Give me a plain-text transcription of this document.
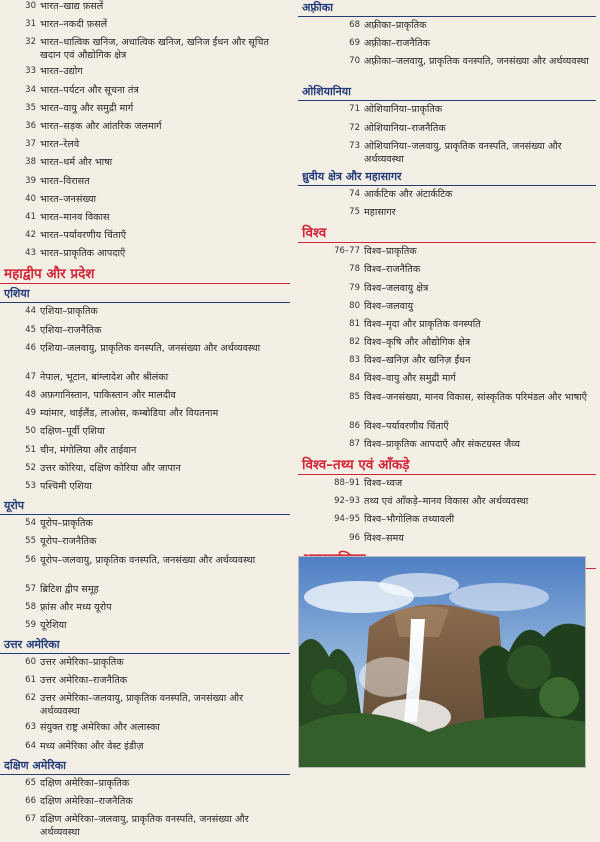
30 भारत–खाद्य फ़सलें
31 भारत–नकदी फ़सलें
32 भारत–धात्विक खनिज, अधात्विक खनिज, खनिज ईंधन और सूचित खदान एवं औद्योगिक क्षेत्र
33 भारत–उद्योग
34 भारत–पर्यटन और सूचना तंत्र
35 भारत–वायु और समुद्री मार्ग
36 भारत–सड़क और आंतरिक जलमार्ग
37 भारत–रेलवे
38 भारत–धर्म और भाषा
39 भारत–विरासत
40 भारत–जनसंख्या
41 भारत–मानव विकास
42 भारत–पर्यावरणीय चिंताएँ
43 भारत–प्राकृतिक आपदाएँ
महाद्वीप और प्रदेश
एशिया
44 एशिया–प्राकृतिक
45 एशिया–राजनैतिक
46 एशिया–जलवायु, प्राकृतिक वनस्पति, जनसंख्या और अर्थव्यवस्था
47 नेपाल, भूटान, बांग्लादेश और श्रीलंका
48 अफ़गानिस्तान, पाकिस्तान और मालदीव
49 म्यांमार, थाईलैंड, लाओस, कम्बोडिया और वियतनाम
50 दक्षिण–पूर्वी एशिया
51 चीन, मंगोलिया और ताईवान
52 उत्तर कोरिया, दक्षिण कोरिया और जापान
53 पश्चिमी एशिया
यूरोप
54 यूरोप–प्राकृतिक
55 यूरोप–राजनैतिक
56 यूरोप–जलवायु, प्राकृतिक वनस्पति, जनसंख्या और अर्थव्यवस्था
57 ब्रिटिश द्वीप समूह
58 फ़्रांस और मध्य यूरोप
59 यूरेशिया
उत्तर अमेरिका
60 उत्तर अमेरिका–प्राकृतिक
61 उत्तर अमेरिका–राजनैतिक
62 उत्तर अमेरिका–जलवायु, प्राकृतिक वनस्पति, जनसंख्या और अर्थव्यवस्था
63 संयुक्त राष्ट्र अमेरिका और अलास्का
64 मध्य अमेरिका और वेस्ट इंडीज़
दक्षिण अमेरिका
65 दक्षिण अमेरिका–प्राकृतिक
66 दक्षिण अमेरिका–राजनैतिक
67 दक्षिण अमेरिका–जलवायु, प्राकृतिक वनस्पति, जनसंख्या और अर्थव्यवस्था
अफ़्रीका
68 अफ़्रीका–प्राकृतिक
69 अफ़्रीका–राजनैतिक
70 अफ़्रीका–जलवायु, प्राकृतिक वनस्पति, जनसंख्या और अर्थव्यवस्था
ओशियानिया
71 ओशियानिया–प्राकृतिक
72 ओशियानिया–राजनैतिक
73 ओशियानिया–जलवायु, प्राकृतिक वनस्पति, जनसंख्या और अर्थव्यवस्था
ध्रुवीय क्षेत्र और महासागर
74 आर्कटिक और अंटार्कटिक
75 महासागर
विश्व
76–77 विश्व–प्राकृतिक
78 विश्व–राजनैतिक
79 विश्व–जलवायु क्षेत्र
80 विश्व–जलवायु
81 विश्व–मृदा और प्राकृतिक वनस्पति
82 विश्व–कृषि और औद्योगिक क्षेत्र
83 विश्व–खनिज़ और खनिज़ ईंधन
84 विश्व–वायु और समुद्री मार्ग
85 विश्व–जनसंख्या, मानव विकास, सांस्कृतिक परिमंडल और भाषाएँ
86 विश्व–पर्यावरणीय चिंताएँ
87 विश्व–प्राकृतिक आपदाएँ और संकटग्रस्त जैव्य
विश्व–तथ्य एवं आँकड़े
88–91 विश्व–ध्वज
92–93 तथ्य एवं आँकड़े–मानव विकास और अर्थव्यवस्था
94–95 विश्व–भौगोलिक तथ्यावली
96 विश्व–समय
